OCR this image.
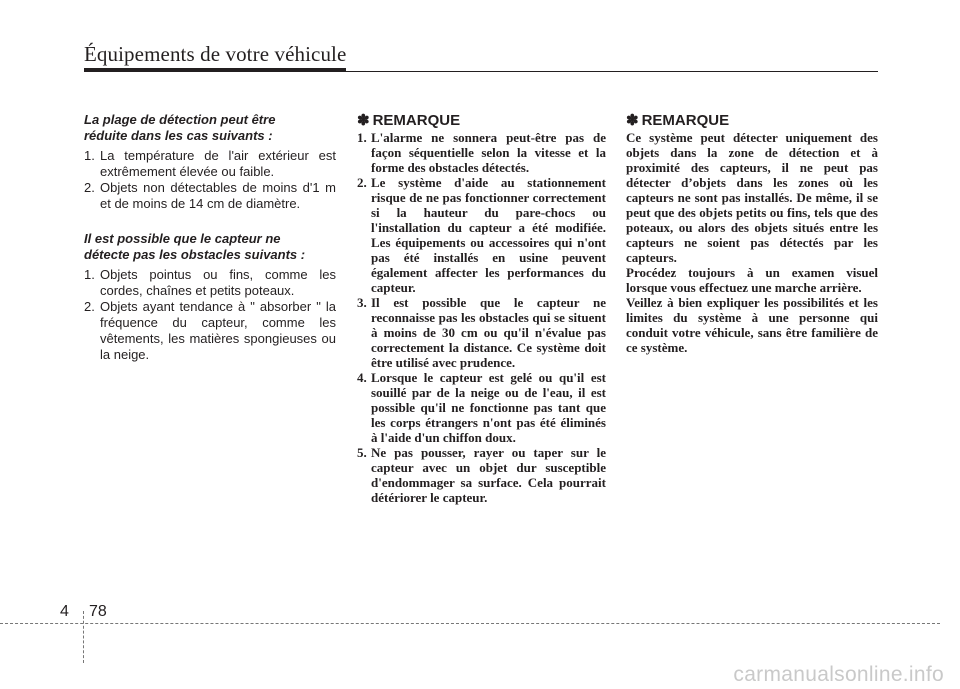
Équipements de votre véhicule

La plage de détection peut être
réduite dans les cas suivants :

1. La température de l'air extérieur est extrêmement élevée ou faible.
2. Objets non détectables de moins d'1 m et de moins de 14 cm de diamètre.

Il est possible que le capteur ne
détecte pas les obstacles suivants :

1. Objets pointus ou fins, comme les cordes, chaînes et petits poteaux.
2. Objets ayant tendance à " absorber " la fréquence du capteur, comme les vêtements, les matières spongieuses ou la neige.
✽ REMARQUE
1. L'alarme ne sonnera peut-être pas de façon séquentielle selon la vitesse et la forme des obstacles détectés.
2. Le système d'aide au stationnement risque de ne pas fonctionner correctement si la hauteur du pare-chocs ou l'installation du capteur a été modifiée. Les équipements ou accessoires qui n'ont pas été installés en usine peuvent également affecter les performances du capteur.
3. Il est possible que le capteur ne reconnaisse pas les obstacles qui se situent à moins de 30 cm ou qu'il n'évalue pas correctement la distance. Ce système doit être utilisé avec prudence.
4. Lorsque le capteur est gelé ou qu'il est souillé par de la neige ou de l'eau, il est possible qu'il ne fonctionne pas tant que les corps étrangers n'ont pas été éliminés à l'aide d'un chiffon doux.
5. Ne pas pousser, rayer ou taper sur le capteur avec un objet dur susceptible d'endommager sa surface. Cela pourrait détériorer le capteur.
✽ REMARQUE

Ce système peut détecter uniquement des objets dans la zone de détection et à proximité des capteurs, il ne peut pas détecter d’objets dans les zones où les capteurs ne sont pas installés. De même, il se peut que des objets petits ou fins, tels que des poteaux, ou alors des objets situés entre les capteurs ne soient pas détectés par les capteurs.

Procédez toujours à un examen visuel lorsque vous effectuez une marche arrière.

Veillez à bien expliquer les possibilités et les limites du système à une personne qui conduit votre véhicule, sans être familière de ce système.

4 78
carmanualsonline.info
